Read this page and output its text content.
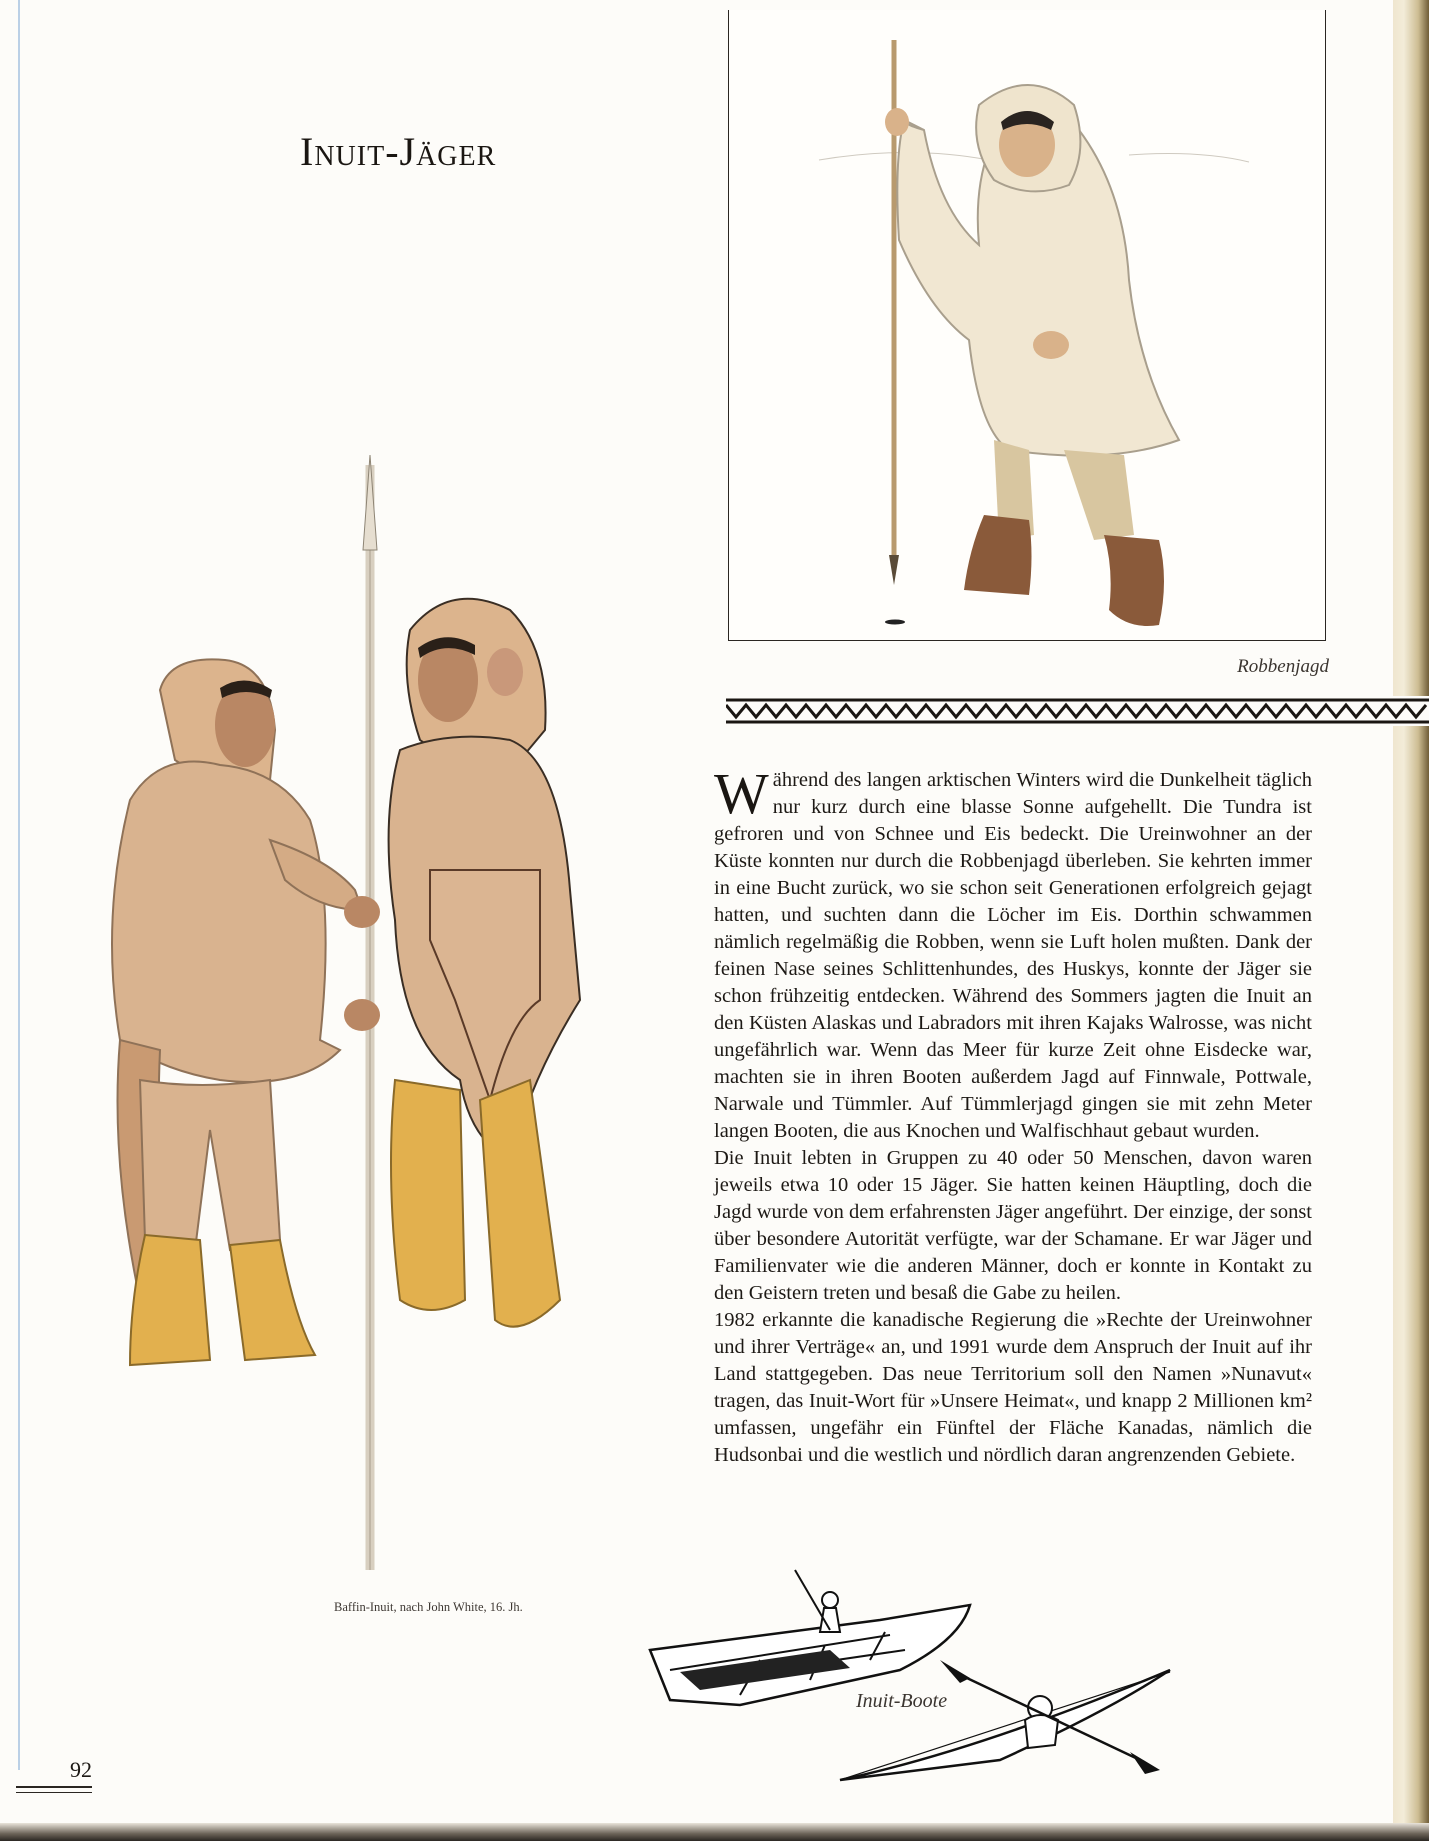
Inuit-Jäger
Robbenjagd

Während des langen arktischen Winters wird die Dunkelheit täglich nur kurz durch eine blasse Sonne aufgehellt. Die Tundra ist gefroren und von Schnee und Eis bedeckt. Die Ureinwohner an der Küste konnten nur durch die Robbenjagd überleben. Sie kehrten immer in eine Bucht zurück, wo sie schon seit Generationen erfolgreich gejagt hatten, und suchten dann die Löcher im Eis. Dorthin schwammen nämlich regelmäßig die Robben, wenn sie Luft holen mußten. Dank der feinen Nase seines Schlittenhundes, des Huskys, konnte der Jäger sie schon frühzeitig entdecken. Während des Sommers jagten die Inuit an den Küsten Alaskas und Labradors mit ihren Kajaks Walrosse, was nicht ungefährlich war. Wenn das Meer für kurze Zeit ohne Eisdecke war, machten sie in ihren Booten außerdem Jagd auf Finnwale, Pottwale, Narwale und Tümmler. Auf Tümmlerjagd gingen sie mit zehn Meter langen Booten, die aus Knochen und Walfischhaut gebaut wurden.

Die Inuit lebten in Gruppen zu 40 oder 50 Menschen, davon waren jeweils etwa 10 oder 15 Jäger. Sie hatten keinen Häuptling, doch die Jagd wurde von dem erfahrensten Jäger angeführt. Der einzige, der sonst über besondere Autorität verfügte, war der Schamane. Er war Jäger und Familienvater wie die anderen Männer, doch er konnte in Kontakt zu den Geistern treten und besaß die Gabe zu heilen.

1982 erkannte die kanadische Regierung die »Rechte der Ureinwohner und ihrer Verträge« an, und 1991 wurde dem Anspruch der Inuit auf ihr Land stattgegeben. Das neue Territorium soll den Namen »Nunavut« tragen, das Inuit-Wort für »Unsere Heimat«, und knapp 2 Millionen km² umfassen, ungefähr ein Fünftel der Fläche Kanadas, nämlich die Hudsonbai und die westlich und nördlich daran angrenzenden Gebiete.

Baffin-Inuit, nach John White, 16. Jh.
Inuit-Boote
92
